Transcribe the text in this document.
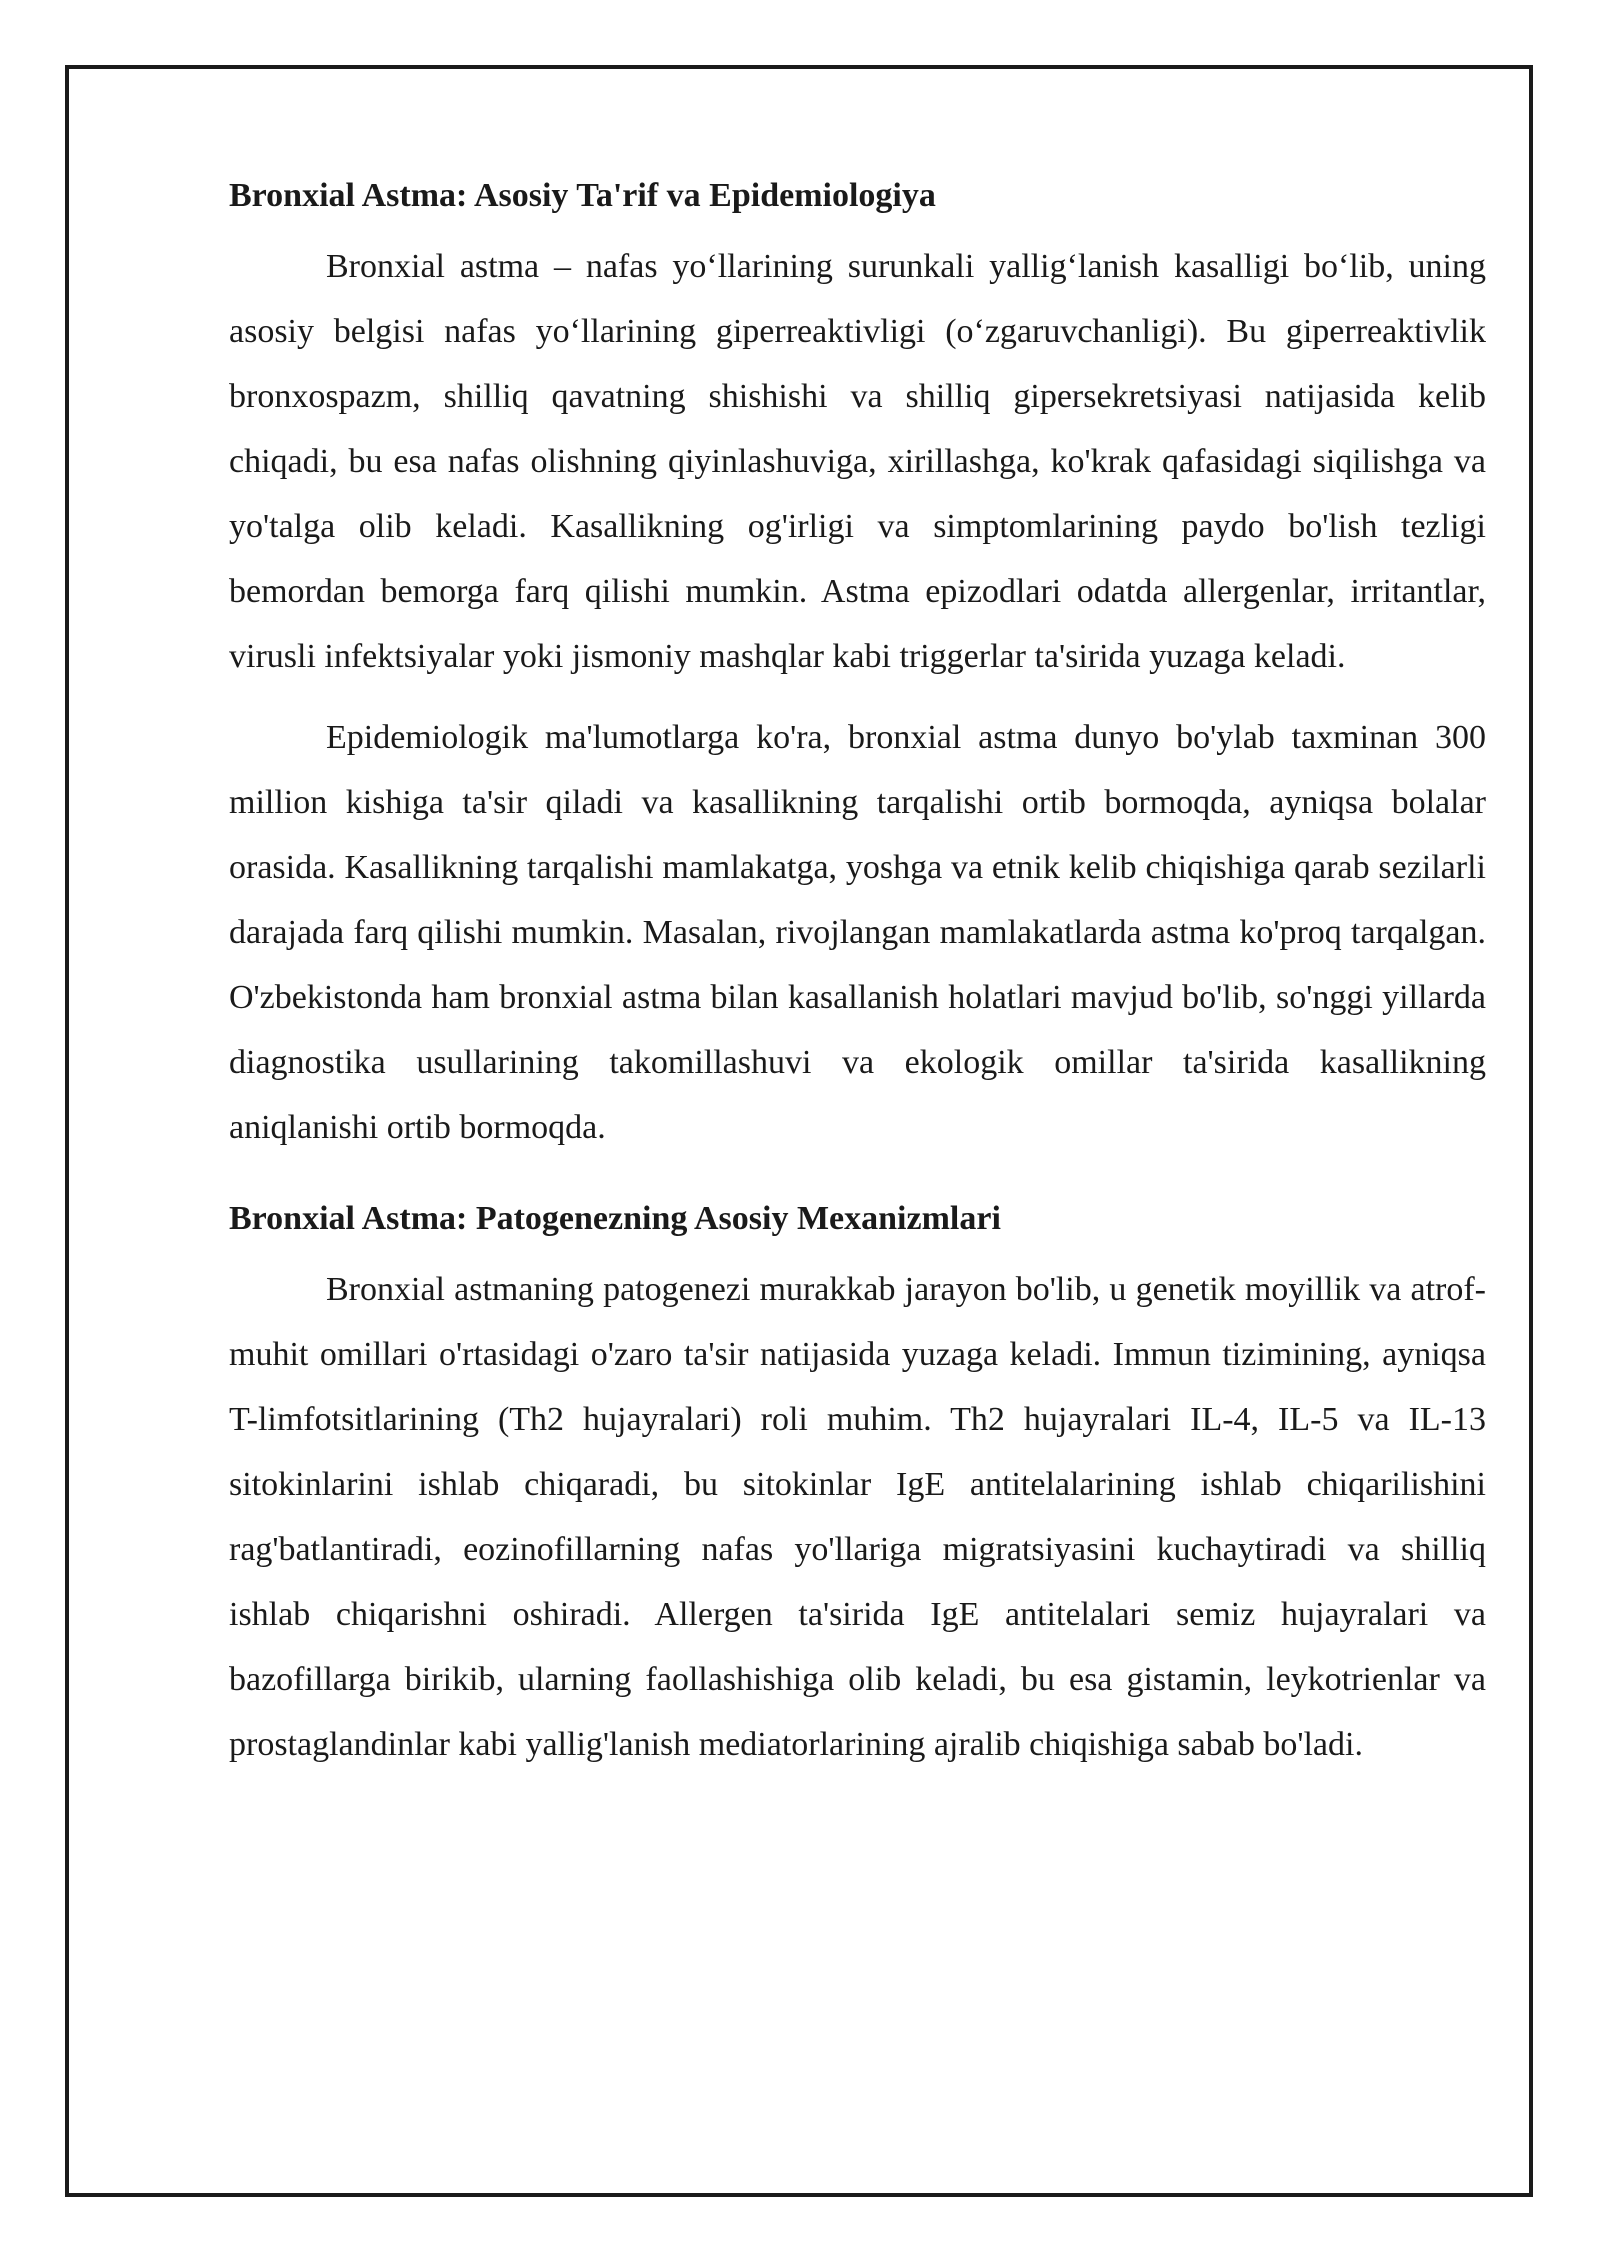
Bronxial Astma: Asosiy Ta'rif va Epidemiologiya

Bronxial astma – nafas yo‘llarining surunkali yallig‘lanish kasalligi bo‘lib, uning asosiy belgisi nafas yo‘llarining giperreaktivligi (o‘zgaruvchanligi). Bu giperreaktivlik bronxospazm, shilliq qavatning shishishi va shilliq gipersekretsiyasi natijasida kelib chiqadi, bu esa nafas olishning qiyinlashuviga, xirillashga, ko'krak qafasidagi siqilishga va yo'talga olib keladi. Kasallikning og'irligi va simptomlarining paydo bo'lish tezligi bemordan bemorga farq qilishi mumkin. Astma epizodlari odatda allergenlar, irritantlar, virusli infektsiyalar yoki jismoniy mashqlar kabi triggerlar ta'sirida yuzaga keladi.

Epidemiologik ma'lumotlarga ko'ra, bronxial astma dunyo bo'ylab taxminan 300 million kishiga ta'sir qiladi va kasallikning tarqalishi ortib bormoqda, ayniqsa bolalar orasida. Kasallikning tarqalishi mamlakatga, yoshga va etnik kelib chiqishiga qarab sezilarli darajada farq qilishi mumkin. Masalan, rivojlangan mamlakatlarda astma ko'proq tarqalgan. O'zbekistonda ham bronxial astma bilan kasallanish holatlari mavjud bo'lib, so'nggi yillarda diagnostika usullarining takomillashuvi va ekologik omillar ta'sirida kasallikning aniqlanishi ortib bormoqda.

Bronxial Astma: Patogenezning Asosiy Mexanizmlari

Bronxial astmaning patogenezi murakkab jarayon bo'lib, u genetik moyillik va atrof-muhit omillari o'rtasidagi o'zaro ta'sir natijasida yuzaga keladi. Immun tizimining, ayniqsa T-limfotsitlarining (Th2 hujayralari) roli muhim. Th2 hujayralari IL-4, IL-5 va IL-13 sitokinlarini ishlab chiqaradi, bu sitokinlar IgE antitelalarining ishlab chiqarilishini rag'batlantiradi, eozinofillarning nafas yo'llariga migratsiyasini kuchaytiradi va shilliq ishlab chiqarishni oshiradi. Allergen ta'sirida IgE antitelalari semiz hujayralari va bazofillarga birikib, ularning faollashishiga olib keladi, bu esa gistamin, leykotrienlar va prostaglandinlar kabi yallig'lanish mediatorlarining ajralib chiqishiga sabab bo'ladi.
